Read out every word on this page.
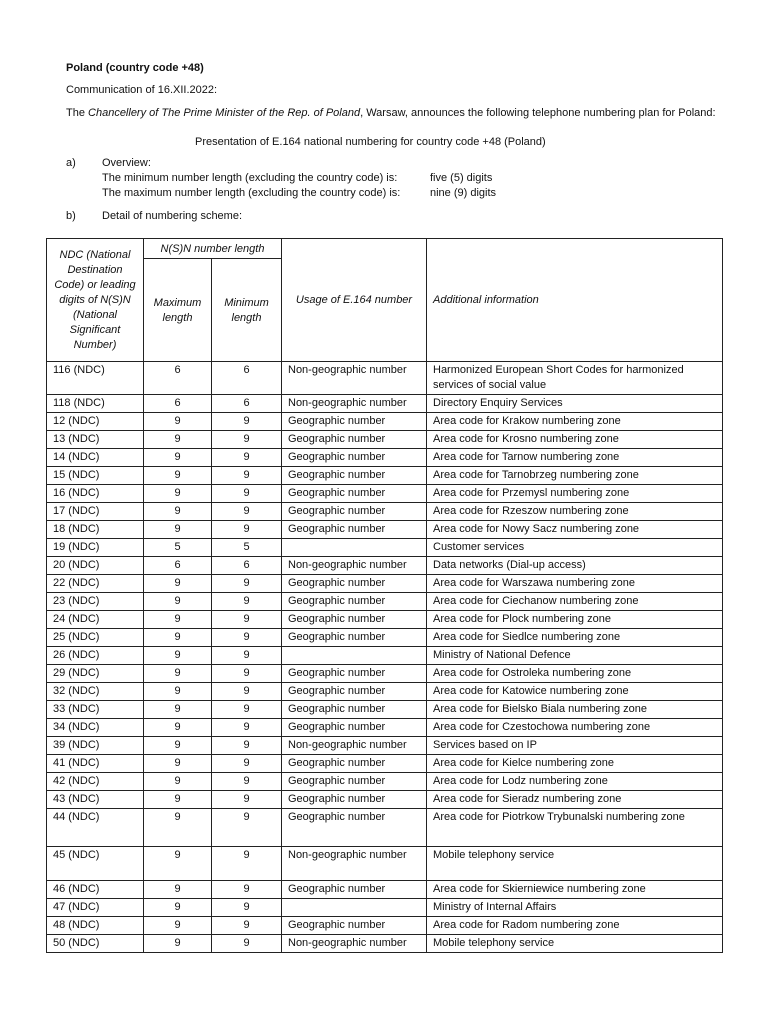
Poland (country code +48)
Communication of 16.XII.2022:
The Chancellery of The Prime Minister of the Rep. of Poland, Warsaw, announces the following telephone numbering plan for Poland:
Presentation of E.164 national numbering for country code +48 (Poland)
a) Overview:
The minimum number length (excluding the country code) is:	five (5) digits
The maximum number length (excluding the country code) is:	nine (9) digits
b) Detail of numbering scheme:
NDC (National Destination Code) or leading digits of N(S)N (National Significant Number)	N(S)N number length		Usage of E.164 number	Additional information
	Maximum length	Minimum length		
116 (NDC)	6	6	Non-geographic number	Harmonized European Short Codes for harmonized services of social value
118 (NDC)	6	6	Non-geographic number	Directory Enquiry Services
12 (NDC)	9	9	Geographic number	Area code for Krakow numbering zone
13 (NDC)	9	9	Geographic number	Area code for Krosno numbering zone
14 (NDC)	9	9	Geographic number	Area code for Tarnow numbering zone
15 (NDC)	9	9	Geographic number	Area code for Tarnobrzeg numbering zone
16 (NDC)	9	9	Geographic number	Area code for Przemysl numbering zone
17 (NDC)	9	9	Geographic number	Area code for Rzeszow numbering zone
18 (NDC)	9	9	Geographic number	Area code for Nowy Sacz numbering zone
19 (NDC)	5	5		Customer services
20 (NDC)	6	6	Non-geographic number	Data networks (Dial-up access)
22 (NDC)	9	9	Geographic number	Area code for Warszawa numbering zone
23 (NDC)	9	9	Geographic number	Area code for Ciechanow numbering zone
24 (NDC)	9	9	Geographic number	Area code for Plock numbering zone
25 (NDC)	9	9	Geographic number	Area code for Siedlce numbering zone
26 (NDC)	9	9		Ministry of National Defence
29 (NDC)	9	9	Geographic number	Area code for Ostroleka numbering zone
32 (NDC)	9	9	Geographic number	Area code for Katowice numbering zone
33 (NDC)	9	9	Geographic number	Area code for Bielsko Biala numbering zone
34 (NDC)	9	9	Geographic number	Area code for Czestochowa numbering zone
39 (NDC)	9	9	Non-geographic number	Services based on IP
41 (NDC)	9	9	Geographic number	Area code for Kielce numbering zone
42 (NDC)	9	9	Geographic number	Area code for Lodz numbering zone
43 (NDC)	9	9	Geographic number	Area code for Sieradz numbering zone
44 (NDC)	9	9	Geographic number	Area code for Piotrkow Trybunalski numbering zone
45 (NDC)	9	9	Non-geographic number	Mobile telephony service
46 (NDC)	9	9	Geographic number	Area code for Skierniewice numbering zone
47 (NDC)	9	9		Ministry of Internal Affairs
48 (NDC)	9	9	Geographic number	Area code for Radom numbering zone
50 (NDC)	9	9	Non-geographic number	Mobile telephony service
